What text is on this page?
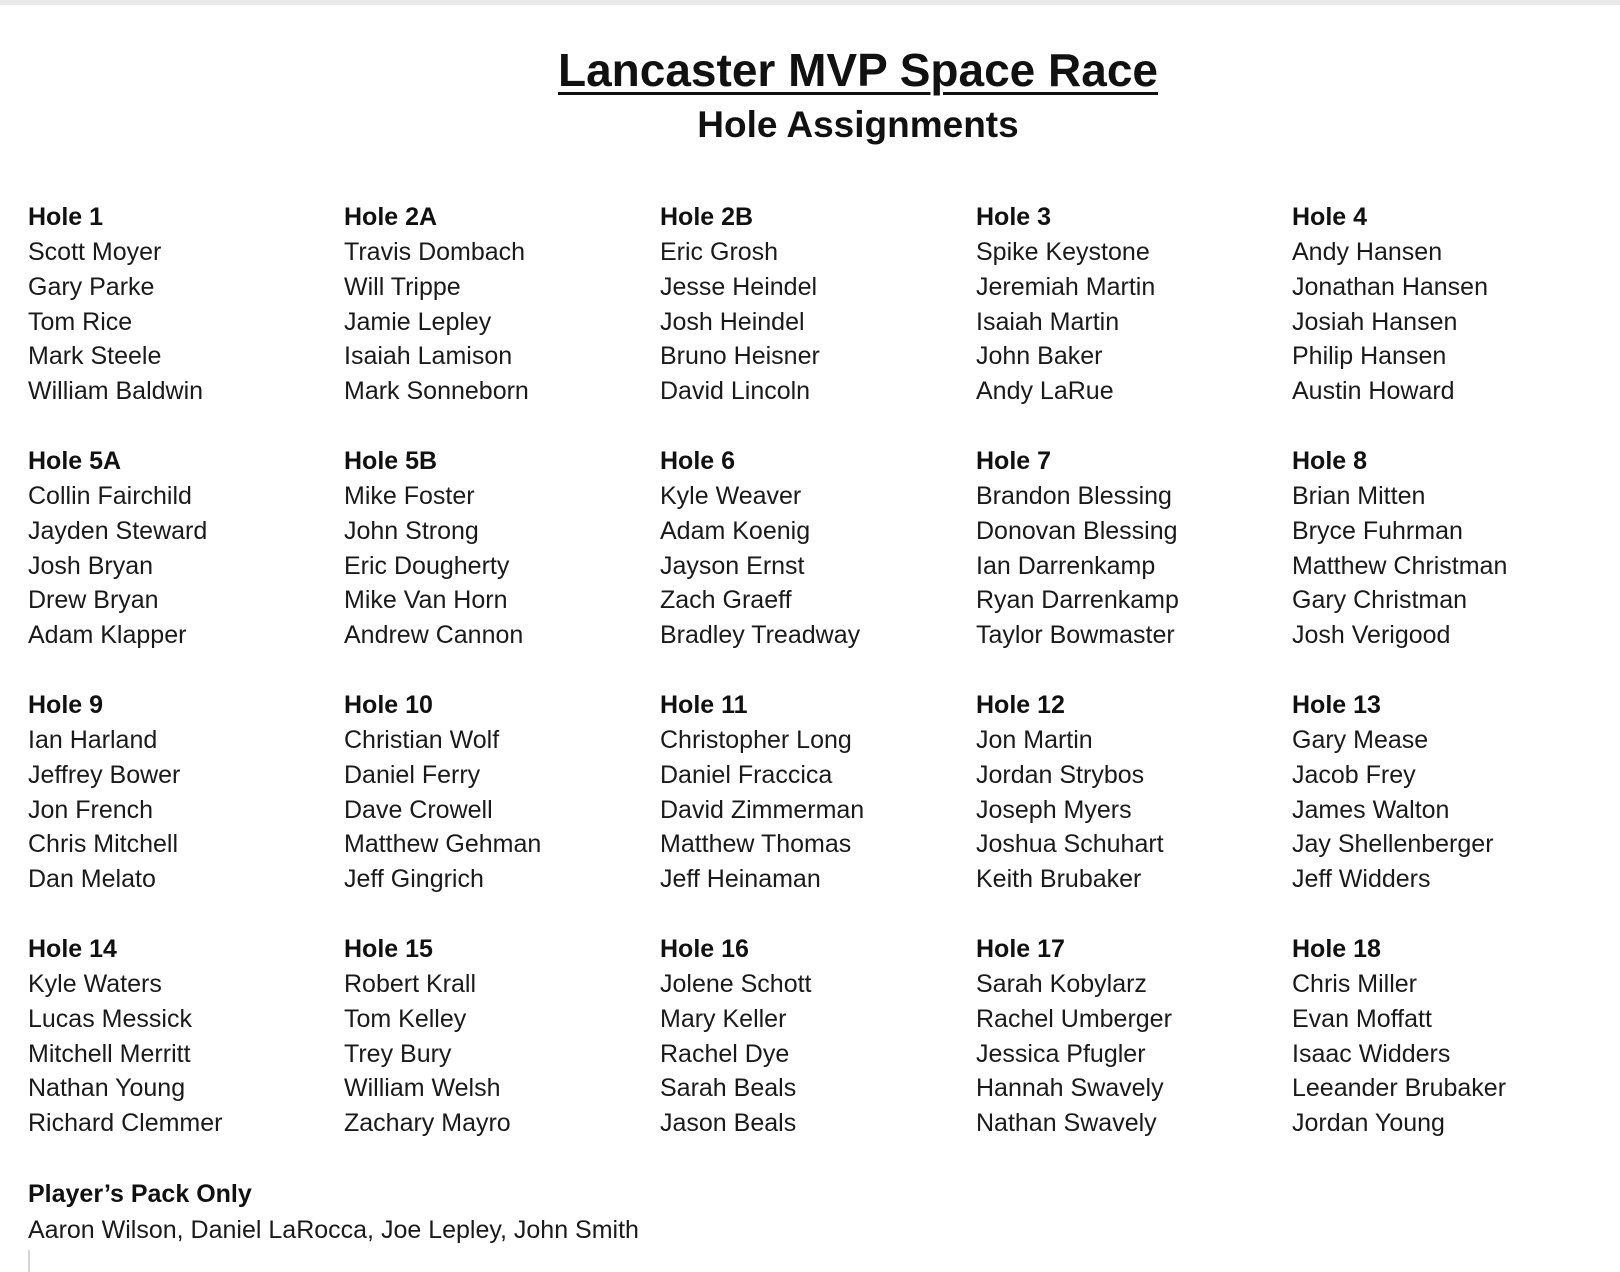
Lancaster MVP Space Race
Hole Assignments
Hole 1
Scott Moyer
Gary Parke
Tom Rice
Mark Steele
William Baldwin
Hole 2A
Travis Dombach
Will Trippe
Jamie Lepley
Isaiah Lamison
Mark Sonneborn
Hole 2B
Eric Grosh
Jesse Heindel
Josh Heindel
Bruno Heisner
David Lincoln
Hole 3
Spike Keystone
Jeremiah Martin
Isaiah Martin
John Baker
Andy LaRue
Hole 4
Andy Hansen
Jonathan Hansen
Josiah Hansen
Philip Hansen
Austin Howard
Hole 5A
Collin Fairchild
Jayden Steward
Josh Bryan
Drew Bryan
Adam Klapper
Hole 5B
Mike Foster
John Strong
Eric Dougherty
Mike Van Horn
Andrew Cannon
Hole 6
Kyle Weaver
Adam Koenig
Jayson Ernst
Zach Graeff
Bradley Treadway
Hole 7
Brandon Blessing
Donovan Blessing
Ian Darrenkamp
Ryan Darrenkamp
Taylor Bowmaster
Hole 8
Brian Mitten
Bryce Fuhrman
Matthew Christman
Gary Christman
Josh Verigood
Hole 9
Ian Harland
Jeffrey Bower
Jon French
Chris Mitchell
Dan Melato
Hole 10
Christian Wolf
Daniel Ferry
Dave Crowell
Matthew Gehman
Jeff Gingrich
Hole 11
Christopher Long
Daniel Fraccica
David Zimmerman
Matthew Thomas
Jeff Heinaman
Hole 12
Jon Martin
Jordan Strybos
Joseph Myers
Joshua Schuhart
Keith Brubaker
Hole 13
Gary Mease
Jacob Frey
James Walton
Jay Shellenberger
Jeff Widders
Hole 14
Kyle Waters
Lucas Messick
Mitchell Merritt
Nathan Young
Richard Clemmer
Hole 15
Robert Krall
Tom Kelley
Trey Bury
William Welsh
Zachary Mayro
Hole 16
Jolene Schott
Mary Keller
Rachel Dye
Sarah Beals
Jason Beals
Hole 17
Sarah Kobylarz
Rachel Umberger
Jessica Pfugler
Hannah Swavely
Nathan Swavely
Hole 18
Chris Miller
Evan Moffatt
Isaac Widders
Leeander Brubaker
Jordan Young
Player’s Pack Only
Aaron Wilson, Daniel LaRocca, Joe Lepley, John Smith
